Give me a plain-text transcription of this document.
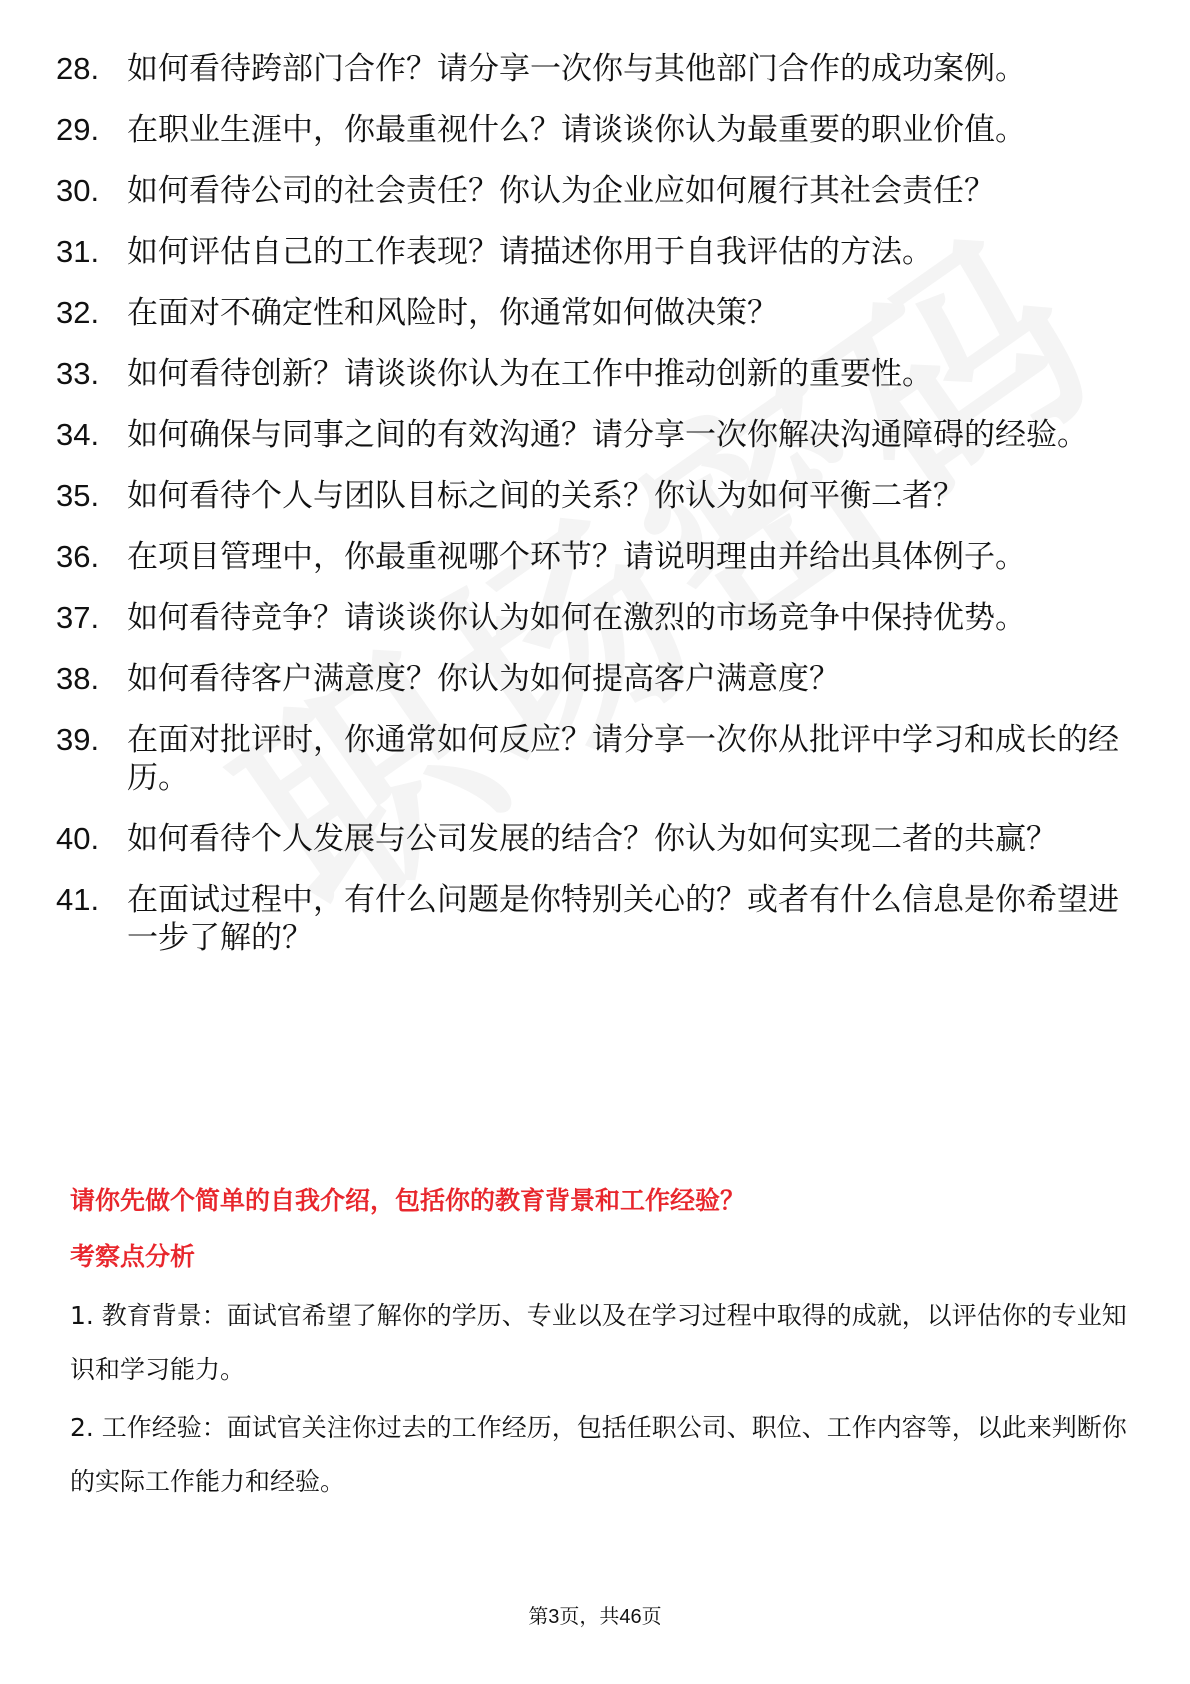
28. 如何看待跨部门合作？请分享一次你与其他部门合作的成功案例。
29. 在职业生涯中，你最重视什么？请谈谈你认为最重要的职业价值。
30. 如何看待公司的社会责任？你认为企业应如何履行其社会责任？
31. 如何评估自己的工作表现？请描述你用于自我评估的方法。
32. 在面对不确定性和风险时，你通常如何做决策？
33. 如何看待创新？请谈谈你认为在工作中推动创新的重要性。
34. 如何确保与同事之间的有效沟通？请分享一次你解决沟通障碍的经验。
35. 如何看待个人与团队目标之间的关系？你认为如何平衡二者？
36. 在项目管理中，你最重视哪个环节？请说明理由并给出具体例子。
37. 如何看待竞争？请谈谈你认为如何在激烈的市场竞争中保持优势。
38. 如何看待客户满意度？你认为如何提高客户满意度？
39. 在面对批评时，你通常如何反应？请分享一次你从批评中学习和成长的经历。
40. 如何看待个人发展与公司发展的结合？你认为如何实现二者的共赢？
41. 在面试过程中，有什么问题是你特别关心的？或者有什么信息是你希望进一步了解的？
请你先做个简单的自我介绍，包括你的教育背景和工作经验？
考察点分析

1. 教育背景：面试官希望了解你的学历、专业以及在学习过程中取得的成就，以评估你的专业知识和学习能力。

2. 工作经验：面试官关注你过去的工作经历，包括任职公司、职位、工作内容等，以此来判断你的实际工作能力和经验。

第3页，共46页
